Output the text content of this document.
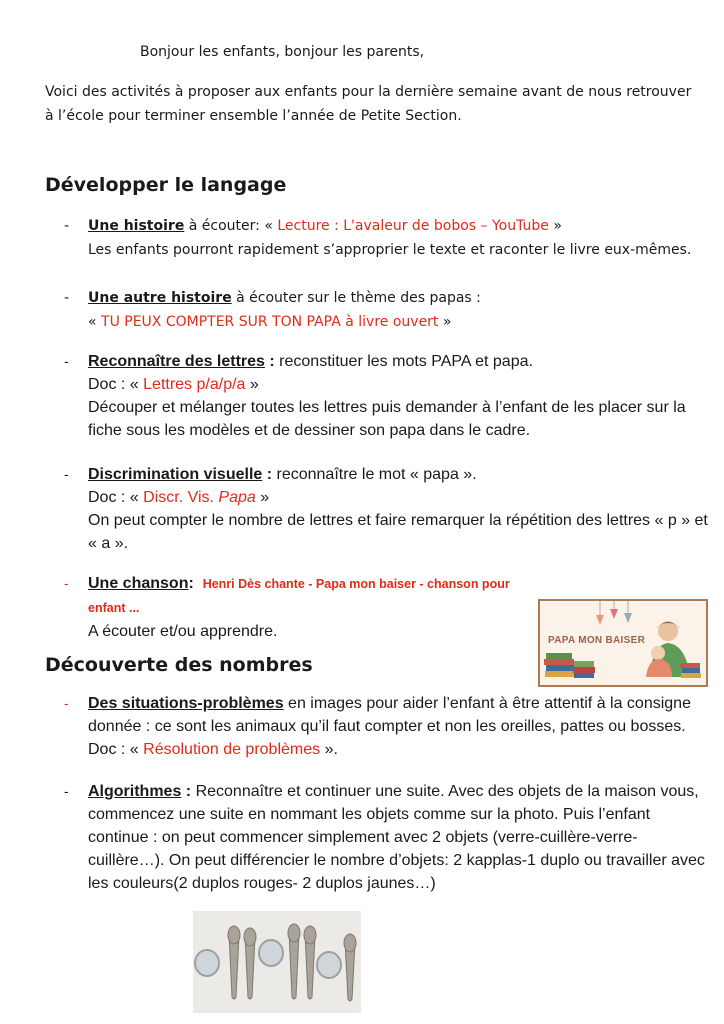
Bonjour les enfants, bonjour les parents,
Voici des activités à proposer aux enfants pour la dernière semaine avant de nous retrouver à l’école pour terminer ensemble l’année de Petite Section.
Développer le langage
- Une histoire à écouter: « Lecture : L'avaleur de bobos – YouTube »
Les enfants pourront rapidement s’approprier le texte et raconter le livre eux-mêmes.
- Une autre histoire à écouter sur le thème des papas :
« TU PEUX COMPTER SUR TON PAPA à livre ouvert »
- Reconnaître des lettres : reconstituer les mots PAPA et papa.
Doc : « Lettres p/a/p/a »
Découper et mélanger toutes les lettres puis demander à l’enfant de les placer sur la fiche sous les modèles et de dessiner son papa dans le cadre.
- Discrimination visuelle : reconnaître le mot « papa ».
Doc : « Discr. Vis. Papa »
On peut compter le nombre de lettres et faire remarquer la répétition des lettres « p » et « a ».
- Une chanson: Henri Dès chante - Papa mon baiser - chanson pour enfant ...
A écouter et/ou apprendre.
PAPA MON BAISER
Découverte des nombres
- Des situations-problèmes en images pour aider l’enfant à être attentif à la consigne donnée : ce sont les animaux qu’il faut compter et non les oreilles, pattes ou bosses. Doc : « Résolution de problèmes ».
- Algorithmes : Reconnaître et continuer une suite. Avec des objets de la maison vous, commencez une suite en nommant les objets comme sur la photo. Puis l’enfant continue : on peut commencer simplement avec 2 objets (verre-cuillère-verre-cuillère…). On peut différencier le nombre d’objets: 2 kapplas-1 duplo ou travailler avec les couleurs(2 duplos rouges- 2 duplos jaunes…)
